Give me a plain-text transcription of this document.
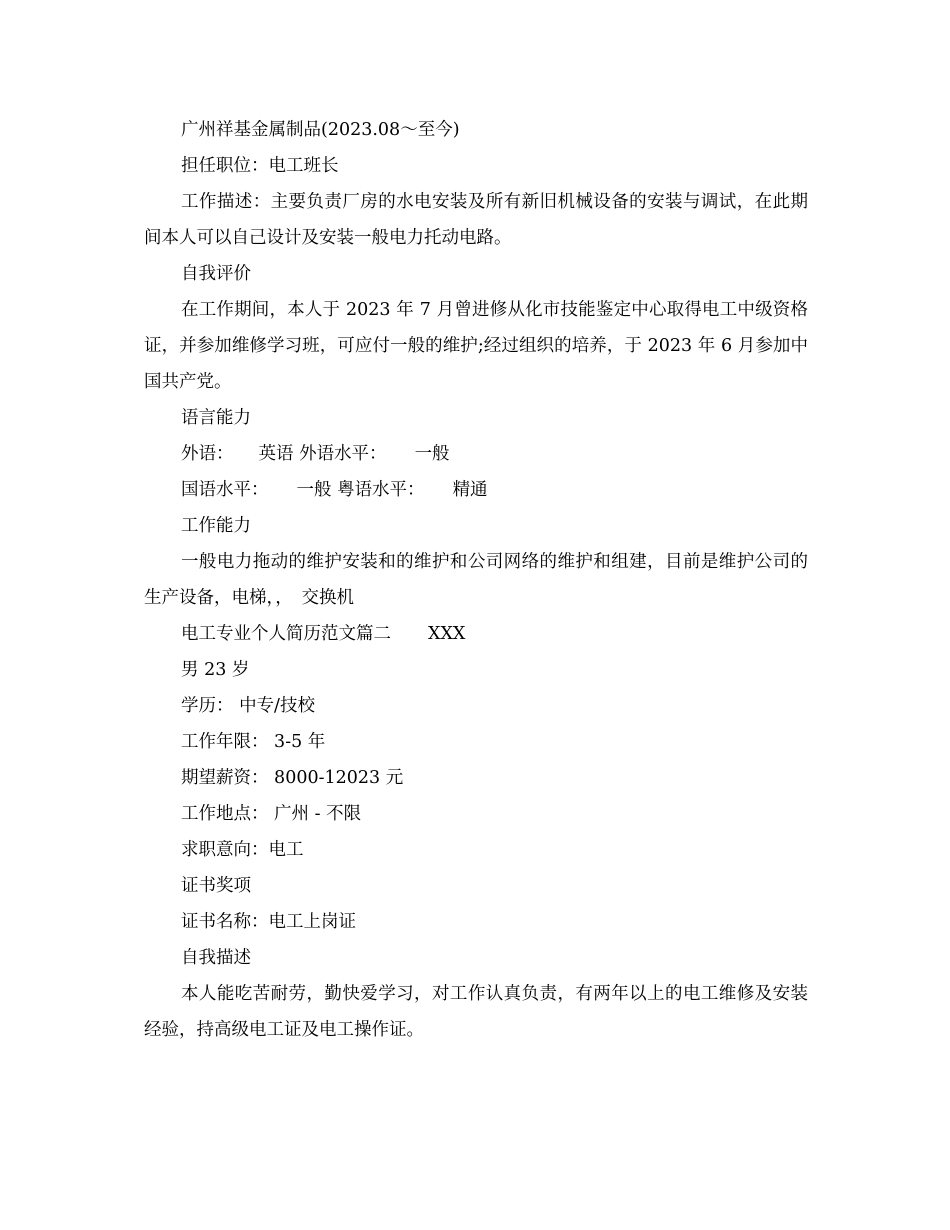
广州祥基金属制品(2023.08～至今)
担任职位：电工班长
工作描述：主要负责厂房的水电安装及所有新旧机械设备的安装与调试，在此期间本人可以自己设计及安装一般电力托动电路。
自我评价
在工作期间，本人于 2023 年 7 月曾进修从化市技能鉴定中心取得电工中级资格证，并参加维修学习班，可应付一般的维护;经过组织的培养，于 2023 年 6 月参加中国共产党。
语言能力
外语： 英语 外语水平： 一般
国语水平： 一般 粤语水平： 精通
工作能力
一般电力拖动的维护安装和的维护和公司网络的维护和组建，目前是维护公司的生产设备，电梯，，　交换机
电工专业个人简历范文篇二 XXX
男 23 岁
学历： 中专/技校
工作年限： 3-5 年
期望薪资： 8000-12023 元
工作地点： 广州 - 不限
求职意向：电工
证书奖项
证书名称：电工上岗证
自我描述
本人能吃苦耐劳，勤快爱学习，对工作认真负责，有两年以上的电工维修及安装经验，持高级电工证及电工操作证。
